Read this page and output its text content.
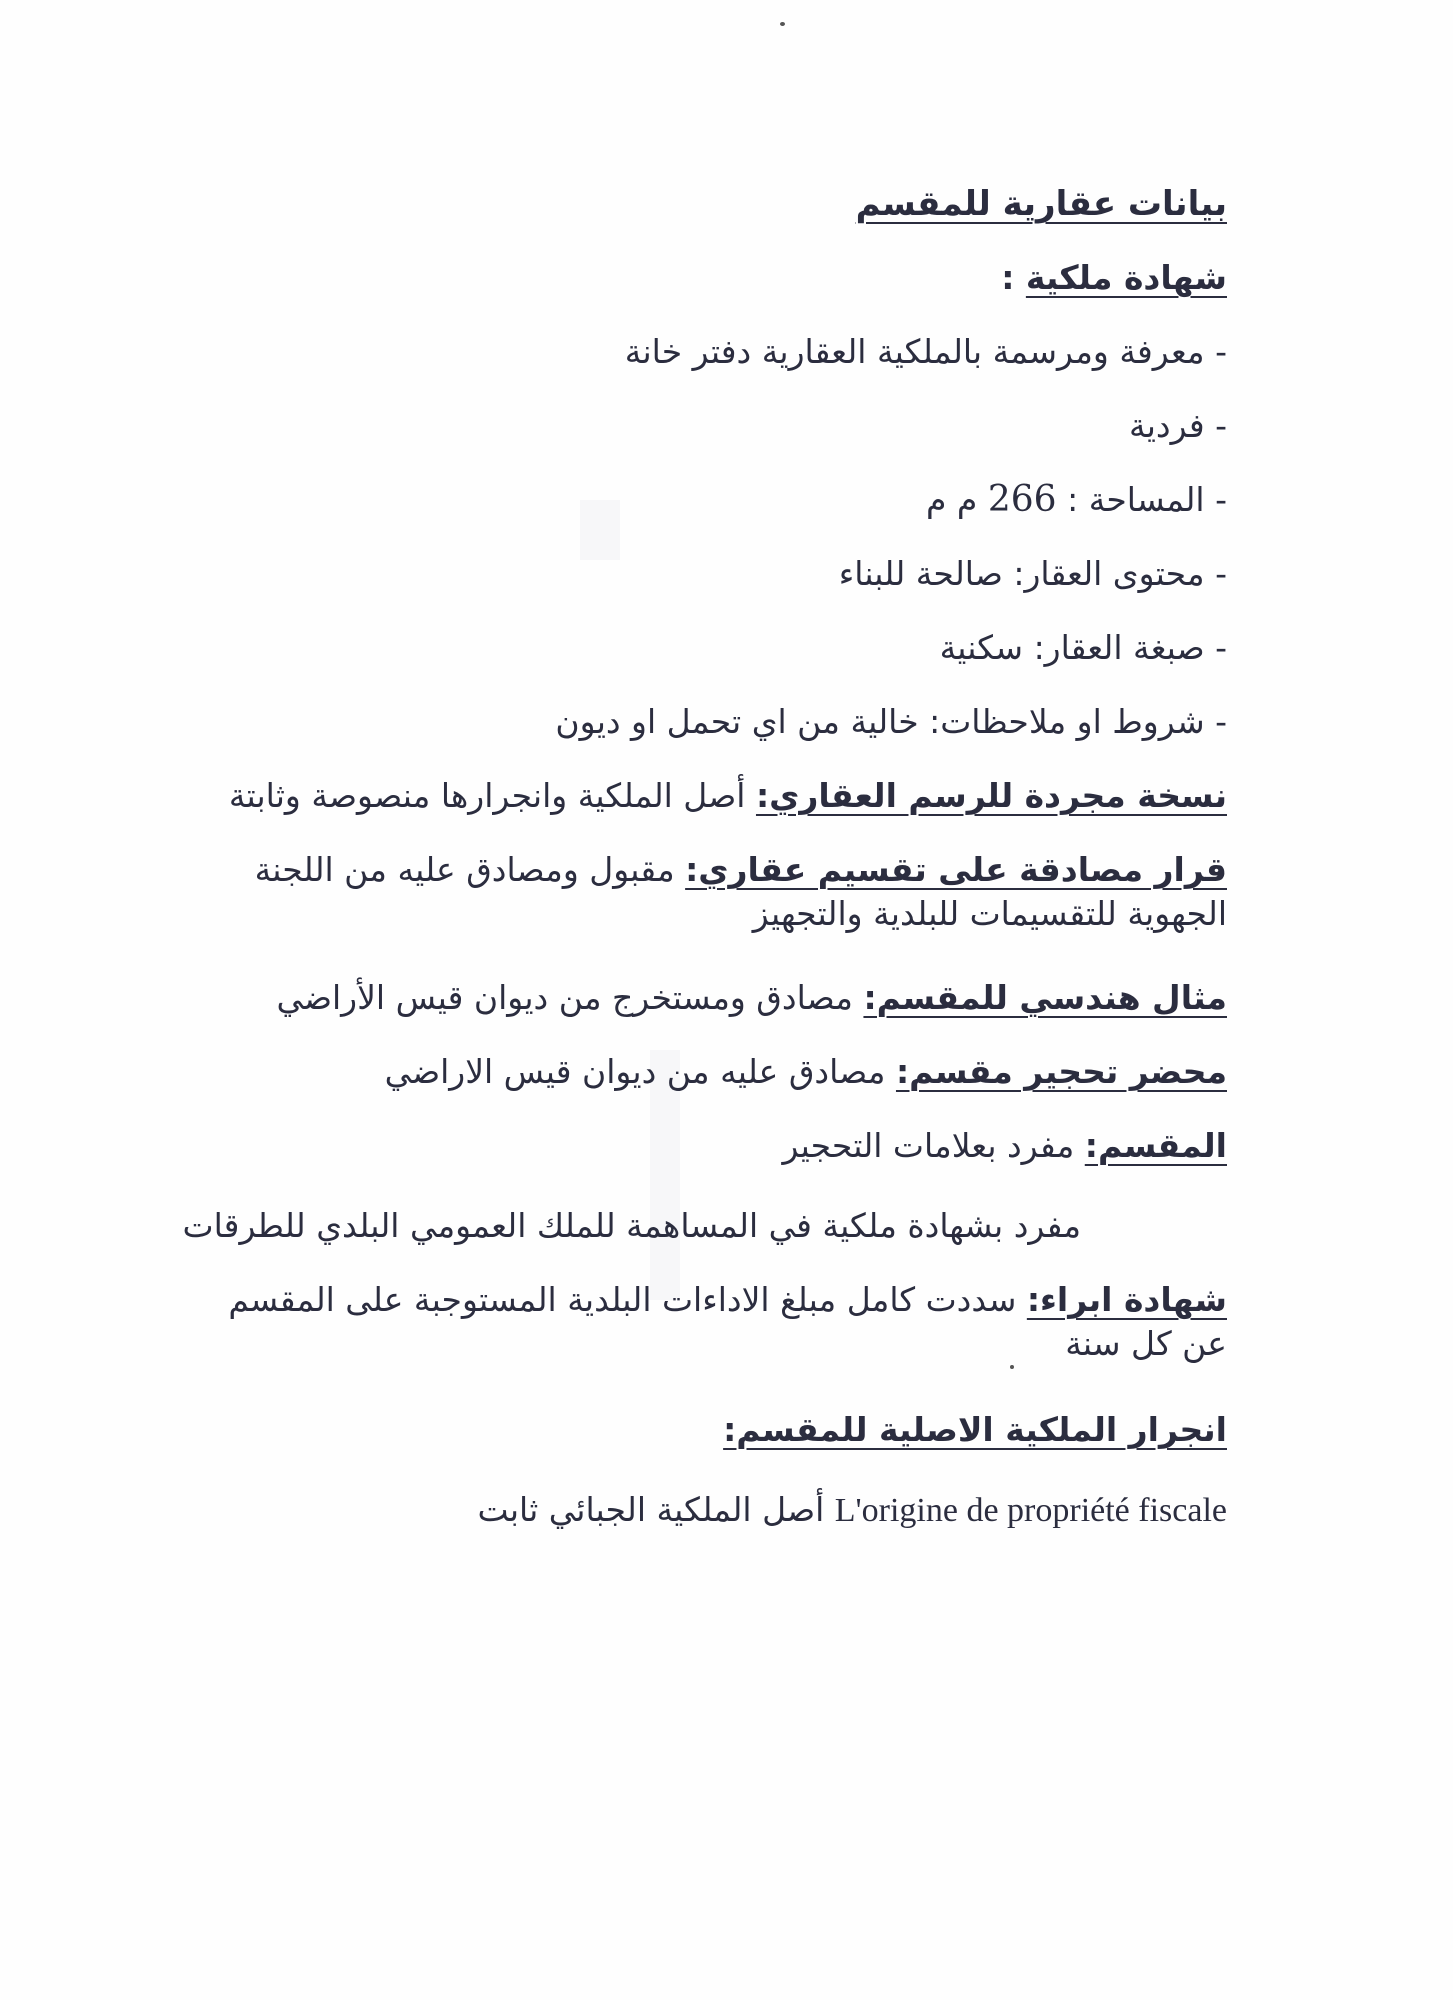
بيانات عقارية للمقسم
شهادة ملكية :
- معرفة ومرسمة بالملكية العقارية دفتر خانة
- فردية
- المساحة : 266 م م
- محتوى العقار: صالحة للبناء
- صبغة العقار: سكنية
- شروط او ملاحظات: خالية من اي تحمل او ديون
نسخة مجردة للرسم العقاري: أصل الملكية وانجرارها منصوصة وثابتة
قرار مصادقة على تقسيم عقاري: مقبول ومصادق عليه من اللجنة الجهوية للتقسيمات للبلدية والتجهيز
مثال هندسي للمقسم: مصادق ومستخرج من ديوان قيس الأراضي
محضر تحجير مقسم: مصادق عليه من ديوان قيس الاراضي
المقسم: مفرد بعلامات التحجير
مفرد بشهادة ملكية في المساهمة للملك العمومي البلدي للطرقات
شهادة ابراء: سددت كامل مبلغ الاداءات البلدية المستوجبة على المقسم عن كل سنة
انجرار الملكية الاصلية للمقسم:
L'origine de propriété fiscale أصل الملكية الجبائي ثابت
